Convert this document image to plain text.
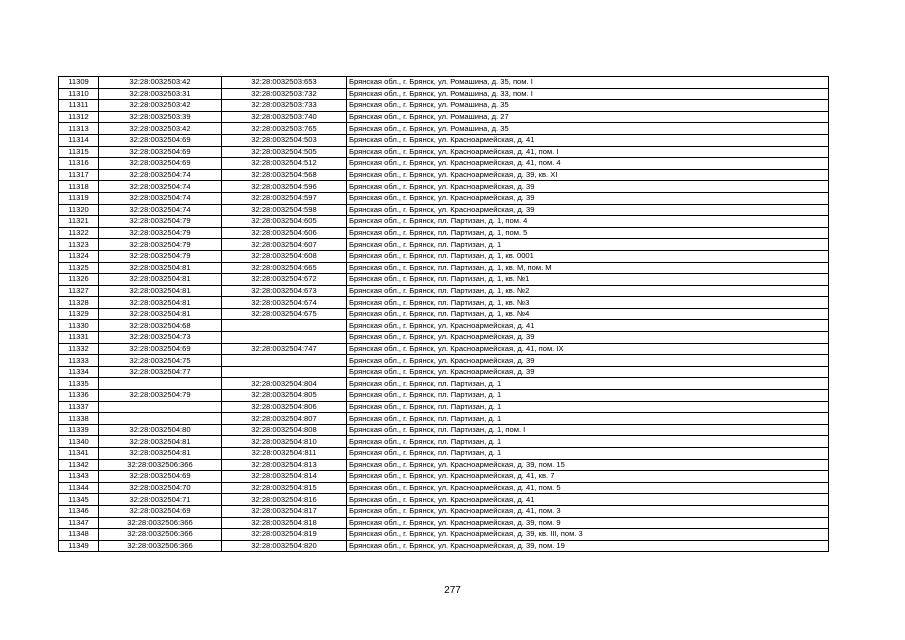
11309	32:28:0032503:42	32:28:0032503:653	Брянская обл., г. Брянск, ул. Ромашина, д. 35, пом. I
11310	32:28:0032503:31	32:28:0032503:732	Брянская обл., г. Брянск, ул. Ромашина, д. 33, пом. I
11311	32:28:0032503:42	32:28:0032503:733	Брянская обл., г. Брянск, ул. Ромашина, д. 35
11312	32:28:0032503:39	32:28:0032503:740	Брянская обл., г. Брянск, ул. Ромашина, д. 27
11313	32:28:0032503:42	32:28:0032503:765	Брянская обл., г. Брянск, ул. Ромашина, д. 35
11314	32:28:0032504:69	32:28:0032504:503	Брянская обл., г. Брянск, ул. Красноармейская, д. 41
11315	32:28:0032504:69	32:28:0032504:505	Брянская обл., г. Брянск, ул. Красноармейская, д. 41, пом. I
11316	32:28:0032504:69	32:28:0032504:512	Брянская обл., г. Брянск, ул. Красноармейская, д. 41, пом. 4
11317	32:28:0032504:74	32:28:0032504:568	Брянская обл., г. Брянск, ул. Красноармейская, д. 39, кв. XI
11318	32:28:0032504:74	32:28:0032504:596	Брянская обл., г. Брянск, ул. Красноармейская, д. 39
11319	32:28:0032504:74	32:28:0032504:597	Брянская обл., г. Брянск, ул. Красноармейская, д. 39
11320	32:28:0032504:74	32:28:0032504:598	Брянская обл., г. Брянск, ул. Красноармейская, д. 39
11321	32:28:0032504:79	32:28:0032504:605	Брянская обл., г. Брянск, пл. Партизан, д. 1, пом. 4
11322	32:28:0032504:79	32:28:0032504:606	Брянская обл., г. Брянск, пл. Партизан, д. 1, пом. 5
11323	32:28:0032504:79	32:28:0032504:607	Брянская обл., г. Брянск, пл. Партизан, д. 1
11324	32:28:0032504:79	32:28:0032504:608	Брянская обл., г. Брянск, пл. Партизан, д. 1, кв. 0001
11325	32:28:0032504:81	32:28:0032504:665	Брянская обл., г. Брянск, пл. Партизан, д. 1, кв. М, пом. М
11326	32:28:0032504:81	32:28:0032504:672	Брянская обл., г. Брянск, пл. Партизан, д. 1, кв. №1
11327	32:28:0032504:81	32:28:0032504:673	Брянская обл., г. Брянск, пл. Партизан, д. 1, кв. №2
11328	32:28:0032504:81	32:28:0032504:674	Брянская обл., г. Брянск, пл. Партизан, д. 1, кв. №3
11329	32:28:0032504:81	32:28:0032504:675	Брянская обл., г. Брянск, пл. Партизан, д. 1, кв. №4
11330	32:28:0032504:68		Брянская обл., г. Брянск, ул. Красноармейская, д. 41
11331	32:28:0032504:73		Брянская обл., г. Брянск, ул. Красноармейская, д. 39
11332	32:28:0032504:69	32:28:0032504:747	Брянская обл., г. Брянск, ул. Красноармейская, д. 41, пом. IX
11333	32:28:0032504:75		Брянская обл., г. Брянск, ул. Красноармейская, д. 39
11334	32:28:0032504:77		Брянская обл., г. Брянск, ул. Красноармейская, д. 39
11335		32:28:0032504:804	Брянская обл., г. Брянск, пл. Партизан, д. 1
11336	32:28:0032504:79	32:28:0032504:805	Брянская обл., г. Брянск, пл. Партизан, д. 1
11337		32:28:0032504:806	Брянская обл., г. Брянск, пл. Партизан, д. 1
11338		32:28:0032504:807	Брянская обл., г. Брянск, пл. Партизан, д. 1
11339	32:28:0032504:80	32:28:0032504:808	Брянская обл., г. Брянск, пл. Партизан, д. 1, пом. I
11340	32:28:0032504:81	32:28:0032504:810	Брянская обл., г. Брянск, пл. Партизан, д. 1
11341	32:28:0032504:81	32:28:0032504:811	Брянская обл., г. Брянск, пл. Партизан, д. 1
11342	32:28:0032506:366	32:28:0032504:813	Брянская обл., г. Брянск, ул. Красноармейская, д. 39, пом. 15
11343	32:28:0032504:69	32:28:0032504:814	Брянская обл., г. Брянск, ул. Красноармейская, д. 41, кв. 7
11344	32:28:0032504:70	32:28:0032504:815	Брянская обл., г. Брянск, ул. Красноармейская, д. 41, пом. 5
11345	32:28:0032504:71	32:28:0032504:816	Брянская обл., г. Брянск, ул. Красноармейская, д. 41
11346	32:28:0032504:69	32:28:0032504:817	Брянская обл., г. Брянск, ул. Красноармейская, д. 41, пом. 3
11347	32:28:0032506:366	32:28:0032504:818	Брянская обл., г. Брянск, ул. Красноармейская, д. 39, пом. 9
11348	32:28:0032506:366	32:28:0032504:819	Брянская обл., г. Брянск, ул. Красноармейская, д. 39, кв. III, пом. 3
11349	32:28:0032506:366	32:28:0032504:820	Брянская обл., г. Брянск, ул. Красноармейская, д. 39, пом. 19
277
